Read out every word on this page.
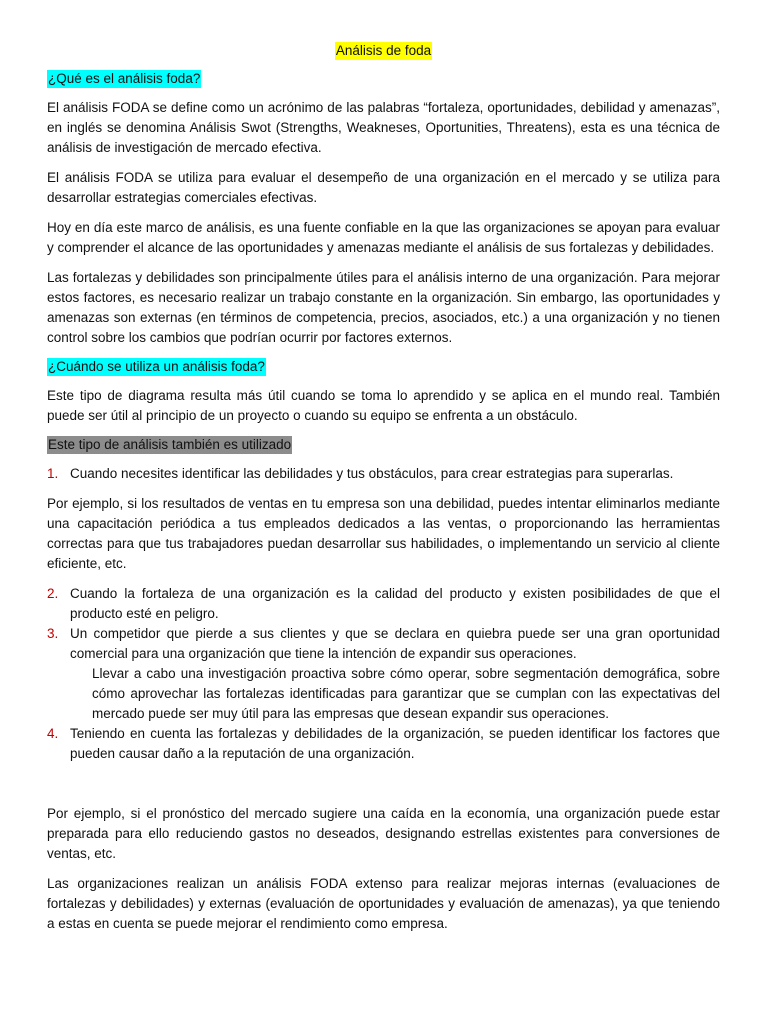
Análisis de foda
¿Qué es el análisis foda?

El análisis FODA se define como un acrónimo de las palabras “fortaleza, oportunidades, debilidad y amenazas”, en inglés se denomina Análisis Swot (Strengths, Weakneses, Oportunities, Threatens), esta es una técnica de análisis de investigación de mercado efectiva.

El análisis FODA se utiliza para evaluar el desempeño de una organización en el mercado y se utiliza para desarrollar estrategias comerciales efectivas.

Hoy en día este marco de análisis, es una fuente confiable en la que las organizaciones se apoyan para evaluar y comprender el alcance de las oportunidades y amenazas mediante el análisis de sus fortalezas y debilidades.

Las fortalezas y debilidades son principalmente útiles para el análisis interno de una organización. Para mejorar estos factores, es necesario realizar un trabajo constante en la organización. Sin embargo, las oportunidades y amenazas son externas (en términos de competencia, precios, asociados, etc.) a una organización y no tienen control sobre los cambios que podrían ocurrir por factores externos.

¿Cuándo se utiliza un análisis foda?

Este tipo de diagrama resulta más útil cuando se toma lo aprendido y se aplica en el mundo real. También puede ser útil al principio de un proyecto o cuando su equipo se enfrenta a un obstáculo.

Este tipo de análisis también es utilizado
1. Cuando necesites identificar las debilidades y tus obstáculos, para crear estrategias para superarlas.

Por ejemplo, si los resultados de ventas en tu empresa son una debilidad, puedes intentar eliminarlos mediante una capacitación periódica a tus empleados dedicados a las ventas, o proporcionando las herramientas correctas para que tus trabajadores puedan desarrollar sus habilidades, o implementando un servicio al cliente eficiente, etc.

2. Cuando la fortaleza de una organización es la calidad del producto y existen posibilidades de que el producto esté en peligro.
3. Un competidor que pierde a sus clientes y que se declara en quiebra puede ser una gran oportunidad comercial para una organización que tiene la intención de expandir sus operaciones.
Llevar a cabo una investigación proactiva sobre cómo operar, sobre segmentación demográfica, sobre cómo aprovechar las fortalezas identificadas para garantizar que se cumplan con las expectativas del mercado puede ser muy útil para las empresas que desean expandir sus operaciones.
4. Teniendo en cuenta las fortalezas y debilidades de la organización, se pueden identificar los factores que pueden causar daño a la reputación de una organización.

Por ejemplo, si el pronóstico del mercado sugiere una caída en la economía, una organización puede estar preparada para ello reduciendo gastos no deseados, designando estrellas existentes para conversiones de ventas, etc.

Las organizaciones realizan un análisis FODA extenso para realizar mejoras internas (evaluaciones de fortalezas y debilidades) y externas (evaluación de oportunidades y evaluación de amenazas), ya que teniendo a estas en cuenta se puede mejorar el rendimiento como empresa.
